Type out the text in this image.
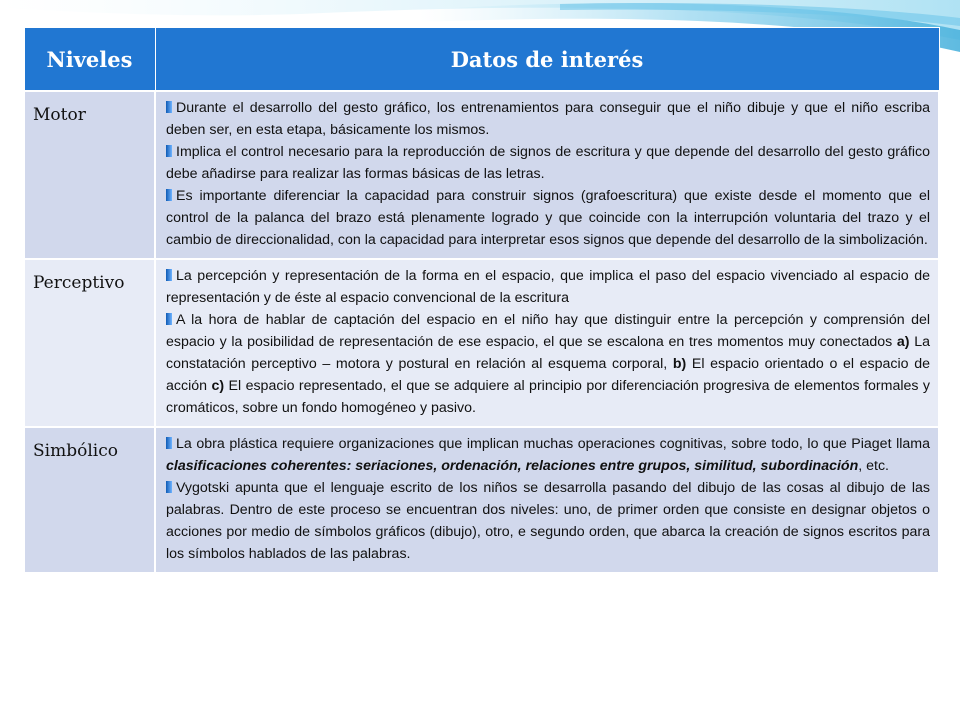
Niveles	Datos de interés
Motor	Durante el desarrollo del gesto gráfico, los entrenamientos para conseguir que el niño dibuje y que el niño escriba deben ser, en esta etapa, básicamente los mismos.

Implica el control necesario para la reproducción de signos de escritura y que depende del desarrollo del gesto gráfico debe añadirse para realizar las formas básicas de las letras.

Es importante diferenciar la capacidad para construir signos (grafoescritura) que existe desde el momento que el control de la palanca del brazo está plenamente logrado y que coincide con la interrupción voluntaria del trazo y el cambio de direccionalidad, con la capacidad para interpretar esos signos que depende del desarrollo de la simbolización.

Perceptivo	La percepción y representación de la forma en el espacio, que implica el paso del espacio vivenciado al espacio de representación y de éste al espacio convencional de la escritura

A la hora de hablar de captación del espacio en el niño hay que distinguir entre la percepción y comprensión del espacio y la posibilidad de representación de ese espacio, el que se escalona en tres momentos muy conectados a) La constatación perceptivo – motora y postural en relación al esquema corporal, b) El espacio orientado o el espacio de acción c) El espacio representado, el que se adquiere al principio por diferenciación progresiva de elementos formales y cromáticos, sobre un fondo homogéneo y pasivo.

Simbólico	La obra plástica requiere organizaciones que implican muchas operaciones cognitivas, sobre todo, lo que Piaget llama clasificaciones coherentes: seriaciones, ordenación, relaciones entre grupos, similitud, subordinación, etc.

Vygotski apunta que el lenguaje escrito de los niños se desarrolla pasando del dibujo de las cosas al dibujo de las palabras. Dentro de este proceso se encuentran dos niveles: uno, de primer orden que consiste en designar objetos o acciones por medio de símbolos gráficos (dibujo), otro, e segundo orden, que abarca la creación de signos escritos para los símbolos hablados de las palabras.
